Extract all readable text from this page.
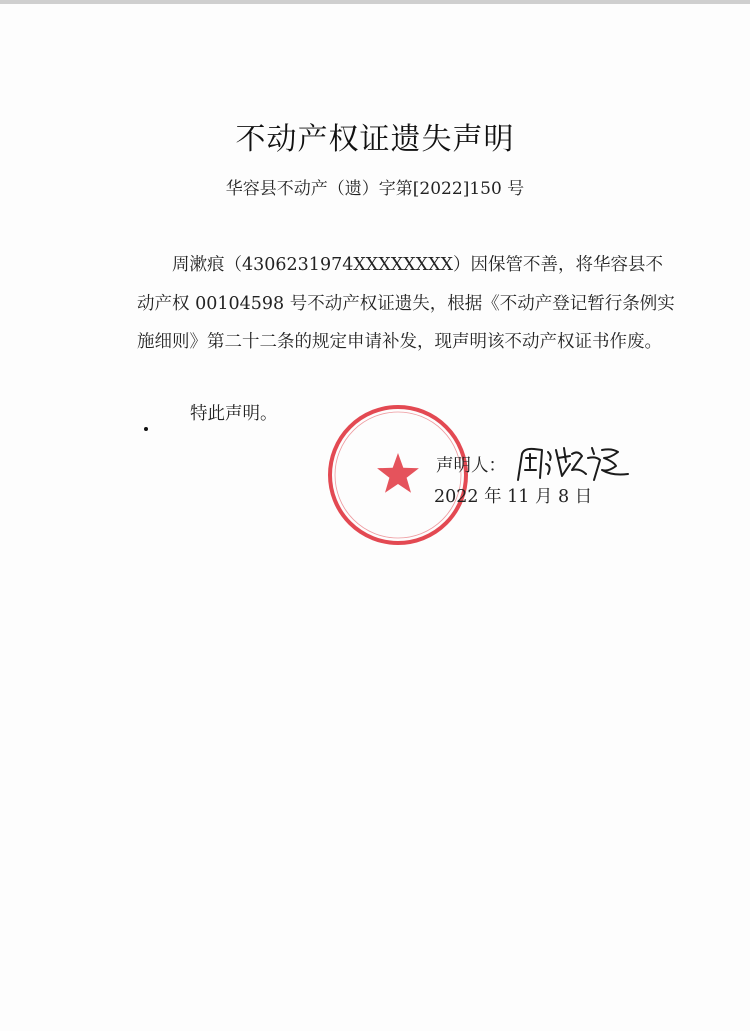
不动产权证遗失声明
华容县不动产（遗）字第[2022]150 号
周漱痕（4306231974XXXXXXXX）因保管不善，将华容县不动产权 00104598 号不动产权证遗失，根据《不动产登记暂行条例实施细则》第二十二条的规定申请补发，现声明该不动产权证书作废。
特此声明。
声明人：
2022 年 11 月 8 日
